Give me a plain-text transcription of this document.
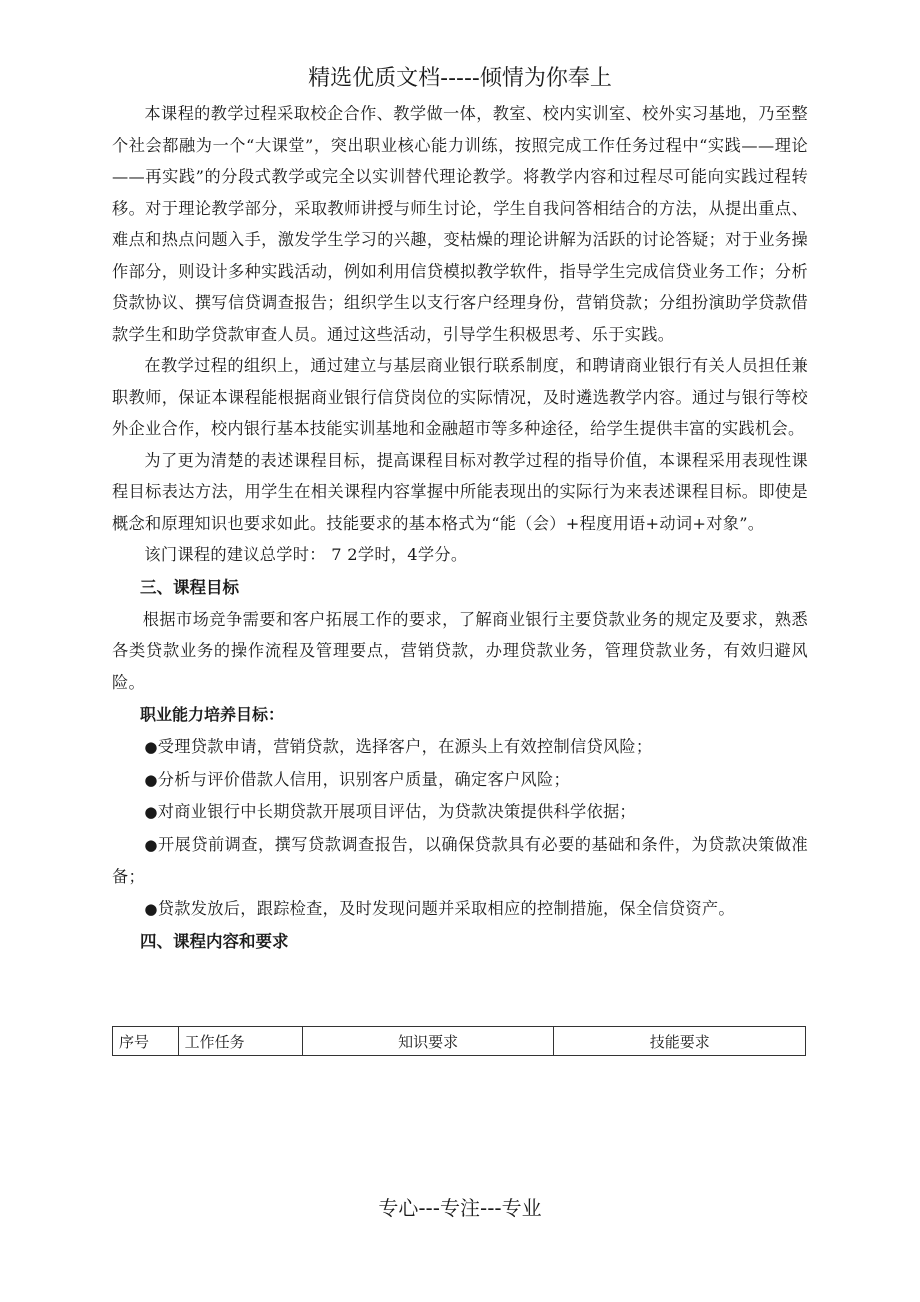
精选优质文档-----倾情为你奉上

本课程的教学过程采取校企合作、教学做一体，教室、校内实训室、校外实习基地，乃至整个社会都融为一个“大课堂”，突出职业核心能力训练，按照完成工作任务过程中“实践——理论——再实践”的分段式教学或完全以实训替代理论教学。将教学内容和过程尽可能向实践过程转移。对于理论教学部分，采取教师讲授与师生讨论，学生自我问答相结合的方法，从提出重点、难点和热点问题入手，激发学生学习的兴趣，变枯燥的理论讲解为活跃的讨论答疑；对于业务操作部分，则设计多种实践活动，例如利用信贷模拟教学软件，指导学生完成信贷业务工作；分析贷款协议、撰写信贷调查报告；组织学生以支行客户经理身份，营销贷款；分组扮演助学贷款借款学生和助学贷款审查人员。通过这些活动，引导学生积极思考、乐于实践。

在教学过程的组织上，通过建立与基层商业银行联系制度，和聘请商业银行有关人员担任兼职教师，保证本课程能根据商业银行信贷岗位的实际情况，及时遴选教学内容。通过与银行等校外企业合作，校内银行基本技能实训基地和金融超市等多种途径，给学生提供丰富的实践机会。

为了更为清楚的表述课程目标，提高课程目标对教学过程的指导价值，本课程采用表现性课程目标表达方法，用学生在相关课程内容掌握中所能表现出的实际行为来表述课程目标。即使是概念和原理知识也要求如此。技能要求的基本格式为“能（会）+程度用语+动词+对象”。

该门课程的建议总学时： 7 2学时，4学分。

三、课程目标

根据市场竞争需要和客户拓展工作的要求，了解商业银行主要贷款业务的规定及要求，熟悉各类贷款业务的操作流程及管理要点，营销贷款，办理贷款业务，管理贷款业务，有效归避风险。

职业能力培养目标：

●受理贷款申请，营销贷款，选择客户，在源头上有效控制信贷风险；

●分析与评价借款人信用，识别客户质量，确定客户风险；

●对商业银行中长期贷款开展项目评估，为贷款决策提供科学依据；

●开展贷前调查，撰写贷款调查报告，以确保贷款具有必要的基础和条件，为贷款决策做准备；

●贷款发放后，跟踪检查，及时发现问题并采取相应的控制措施，保全信贷资产。

四、课程内容和要求
序号	工作任务	知识要求	技能要求
专心---专注---专业
